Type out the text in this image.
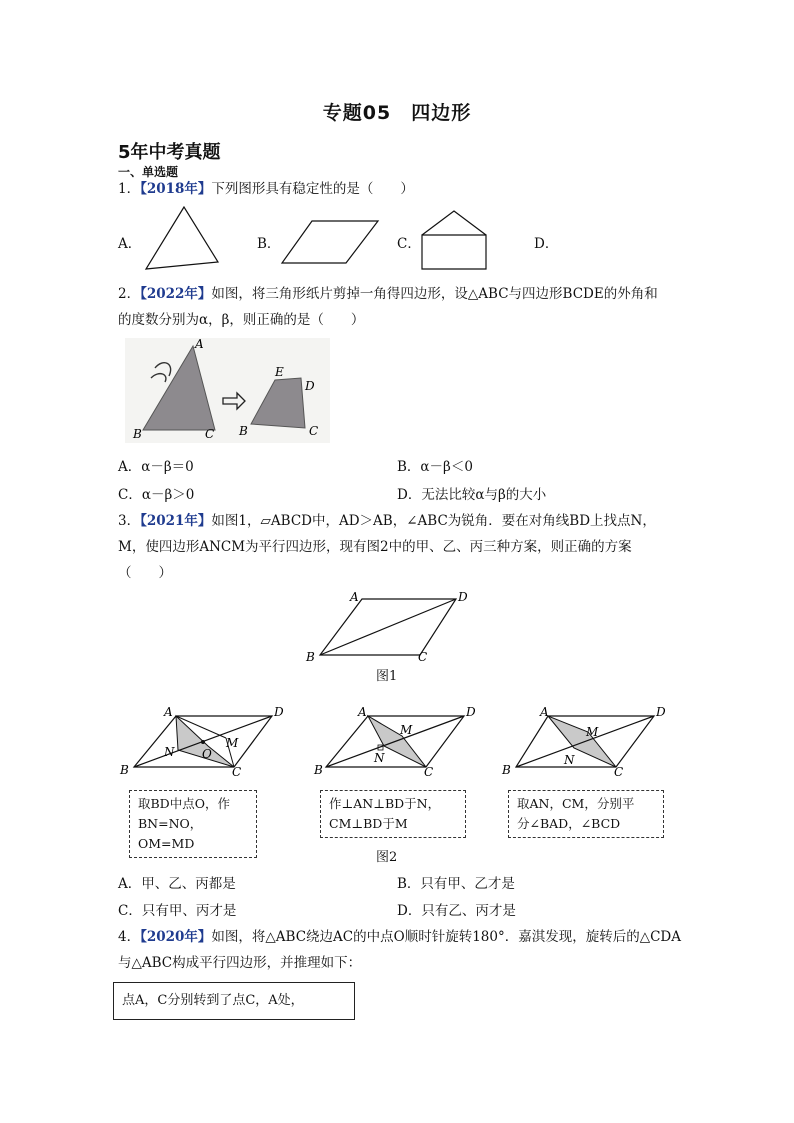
专题05　四边形
5年中考真题
一、单选题
1．【2018年】下列图形具有稳定性的是（　　）
A．	B．	C．	D．
2．【2022年】如图，将三角形纸片剪掉一角得四边形，设△ABC与四边形BCDE的外角和
的度数分别为α，β，则正确的是（　　）
A
B	C
E
D
B	C
A．α－β＝0	B．α－β＜0
C．α－β＞0	D．无法比较α与β的大小
3．【2021年】如图1，▱ABCD中，AD＞AB，∠ABC为锐角．要在对角线BD上找点N，
M，使四边形ANCM为平行四边形，现有图2中的甲、乙、丙三种方案，则正确的方案
（　　）
A	D
B	C
图1
A	D
B	C
N O
M
A	D
B	C
M
N
A	D
B	C
M
N
取BD中点O，作
BN=NO，OM=MD
作⊥AN⊥BD于N，
CM⊥BD于M
取AN，CM，分别平
分∠BAD，∠BCD
图2
A．甲、乙、丙都是	B．只有甲、乙才是
C．只有甲、丙才是	D．只有乙、丙才是
4．【2020年】如图，将△ABC绕边AC的中点O顺时针旋转180°．嘉淇发现，旋转后的△CDA
与△ABC构成平行四边形，并推理如下：
点A，C分别转到了点C，A处，
